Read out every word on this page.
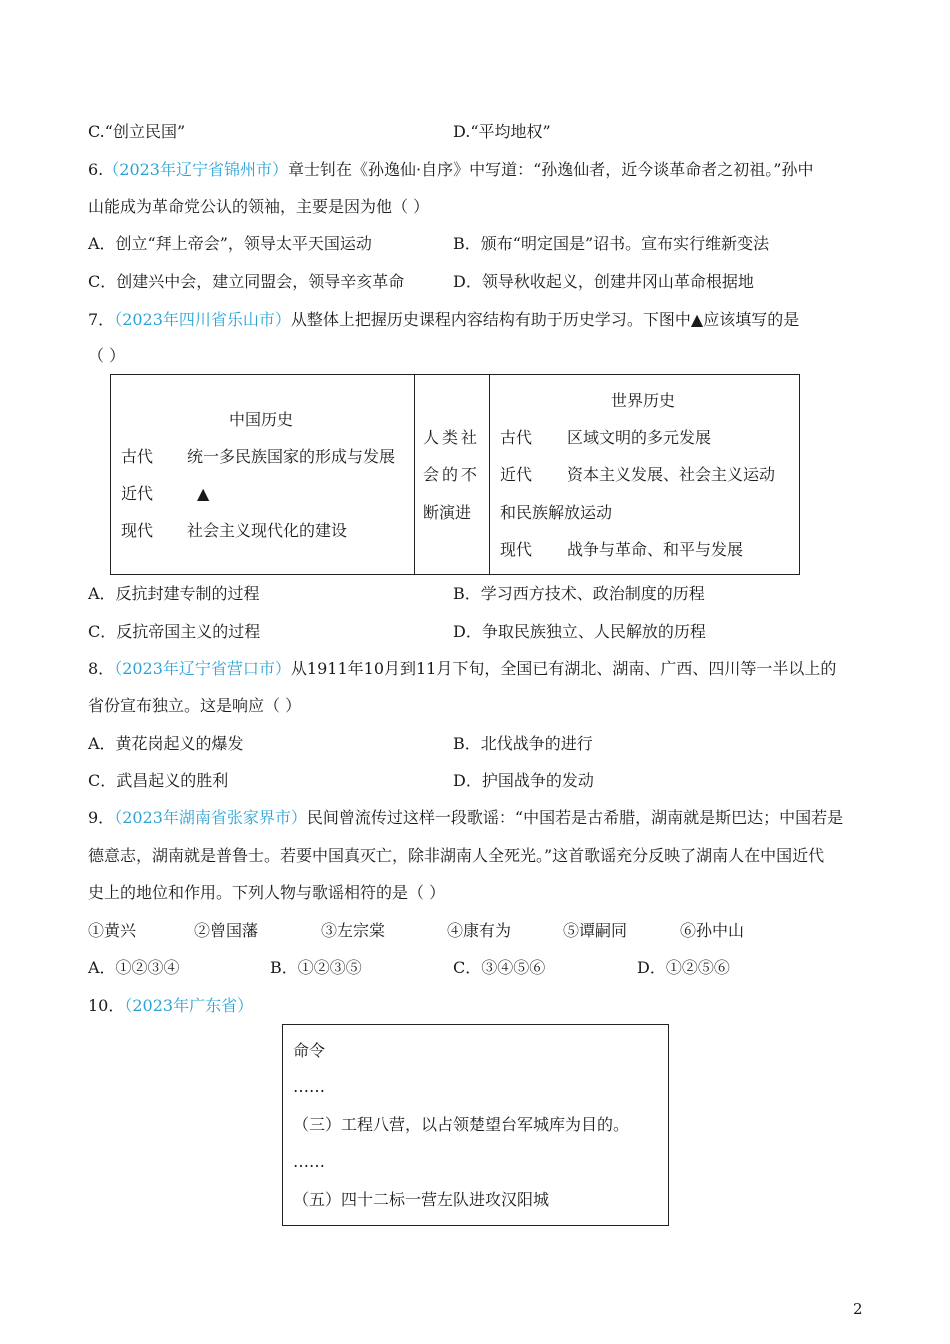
C.“创立民国”	D.“平均地权”
6.（2023年辽宁省锦州市）章士钊在《孙逸仙·自序》中写道：“孙逸仙者，近今谈革命者之初祖。”孙中
山能成为革命党公认的领袖，主要是因为他（ ）
A．创立“拜上帝会”，领导太平天国运动	B．颁布“明定国是”诏书。宣布实行维新变法
C．创建兴中会，建立同盟会，领导辛亥革命	D．领导秋收起义，创建井冈山革命根据地
7．（2023年四川省乐山市）从整体上把握历史课程内容结构有助于历史学习。下图中▲应该填写的是
（ ）
中国历史
古代 统一多民族国家的形成与发展
近代	▲
现代 社会主义现代化的建设
人类社
会的不
断演进
世界历史
古代 区域文明的多元发展
近代 资本主义发展、社会主义运动
和民族解放运动
现代 战争与革命、和平与发展
A．反抗封建专制的过程	B．学习西方技术、政治制度的历程
C．反抗帝国主义的过程	D．争取民族独立、人民解放的历程
8．（2023年辽宁省营口市）从1911年10月到11月下旬，全国已有湖北、湖南、广西、四川等一半以上的
省份宣布独立。这是响应（ ）
A．黄花岗起义的爆发	B．北伐战争的进行
C．武昌起义的胜利	D．护国战争的发动
9．（2023年湖南省张家界市）民间曾流传过这样一段歌谣：“中国若是古希腊，湖南就是斯巴达；中国若是
德意志，湖南就是普鲁士。若要中国真灭亡，除非湖南人全死光。”这首歌谣充分反映了湖南人在中国近代
史上的地位和作用。下列人物与歌谣相符的是（ ）
①黄兴	②曾国藩	③左宗棠	④康有为	⑤谭嗣同	⑥孙中山
A．①②③④	B．①②③⑤	C．③④⑤⑥	D．①②⑤⑥
10．（2023年广东省）
命令
……
（三）工程八营，以占领楚望台军城库为目的。
……
（五）四十二标一营左队进攻汉阳城
2
